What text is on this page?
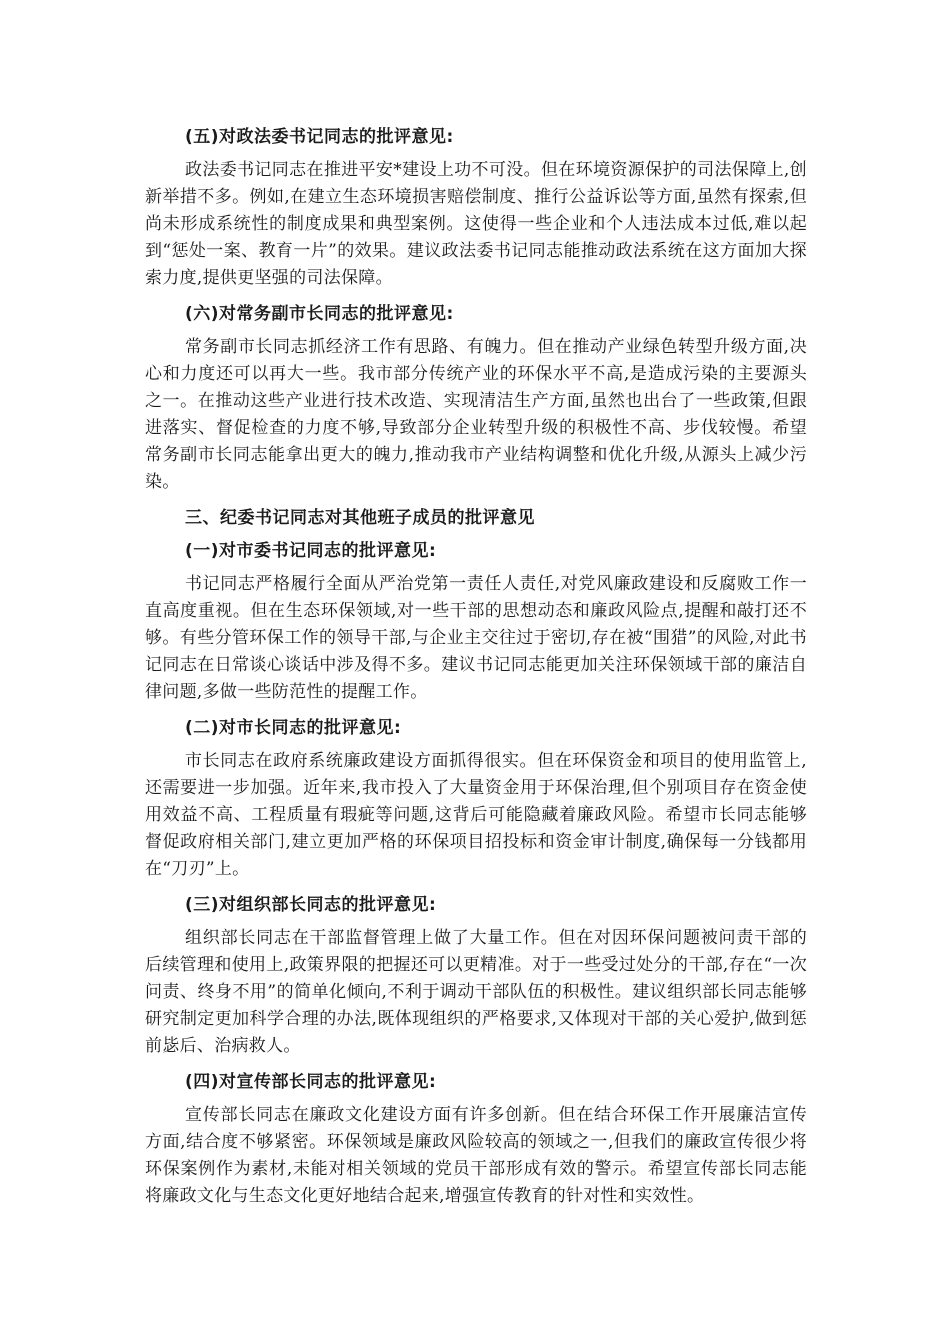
(五)对政法委书记同志的批评意见:

政法委书记同志在推进平安*建设上功不可没。但在环境资源保护的司法保障上,创新举措不多。例如,在建立生态环境损害赔偿制度、推行公益诉讼等方面,虽然有探索,但尚未形成系统性的制度成果和典型案例。这使得一些企业和个人违法成本过低,难以起到“惩处一案、教育一片”的效果。建议政法委书记同志能推动政法系统在这方面加大探索力度,提供更坚强的司法保障。

(六)对常务副市长同志的批评意见:

常务副市长同志抓经济工作有思路、有魄力。但在推动产业绿色转型升级方面,决心和力度还可以再大一些。我市部分传统产业的环保水平不高,是造成污染的主要源头之一。在推动这些产业进行技术改造、实现清洁生产方面,虽然也出台了一些政策,但跟进落实、督促检查的力度不够,导致部分企业转型升级的积极性不高、步伐较慢。希望常务副市长同志能拿出更大的魄力,推动我市产业结构调整和优化升级,从源头上减少污染。

三、纪委书记同志对其他班子成员的批评意见

(一)对市委书记同志的批评意见:

书记同志严格履行全面从严治党第一责任人责任,对党风廉政建设和反腐败工作一直高度重视。但在生态环保领域,对一些干部的思想动态和廉政风险点,提醒和敲打还不够。有些分管环保工作的领导干部,与企业主交往过于密切,存在被“围猎”的风险,对此书记同志在日常谈心谈话中涉及得不多。建议书记同志能更加关注环保领域干部的廉洁自律问题,多做一些防范性的提醒工作。

(二)对市长同志的批评意见:

市长同志在政府系统廉政建设方面抓得很实。但在环保资金和项目的使用监管上,还需要进一步加强。近年来,我市投入了大量资金用于环保治理,但个别项目存在资金使用效益不高、工程质量有瑕疵等问题,这背后可能隐藏着廉政风险。希望市长同志能够督促政府相关部门,建立更加严格的环保项目招投标和资金审计制度,确保每一分钱都用在“刀刃”上。

(三)对组织部长同志的批评意见:

组织部长同志在干部监督管理上做了大量工作。但在对因环保问题被问责干部的后续管理和使用上,政策界限的把握还可以更精准。对于一些受过处分的干部,存在“一次问责、终身不用”的简单化倾向,不利于调动干部队伍的积极性。建议组织部长同志能够研究制定更加科学合理的办法,既体现组织的严格要求,又体现对干部的关心爱护,做到惩前毖后、治病救人。

(四)对宣传部长同志的批评意见:

宣传部长同志在廉政文化建设方面有许多创新。但在结合环保工作开展廉洁宣传方面,结合度不够紧密。环保领域是廉政风险较高的领域之一,但我们的廉政宣传很少将环保案例作为素材,未能对相关领域的党员干部形成有效的警示。希望宣传部长同志能将廉政文化与生态文化更好地结合起来,增强宣传教育的针对性和实效性。
